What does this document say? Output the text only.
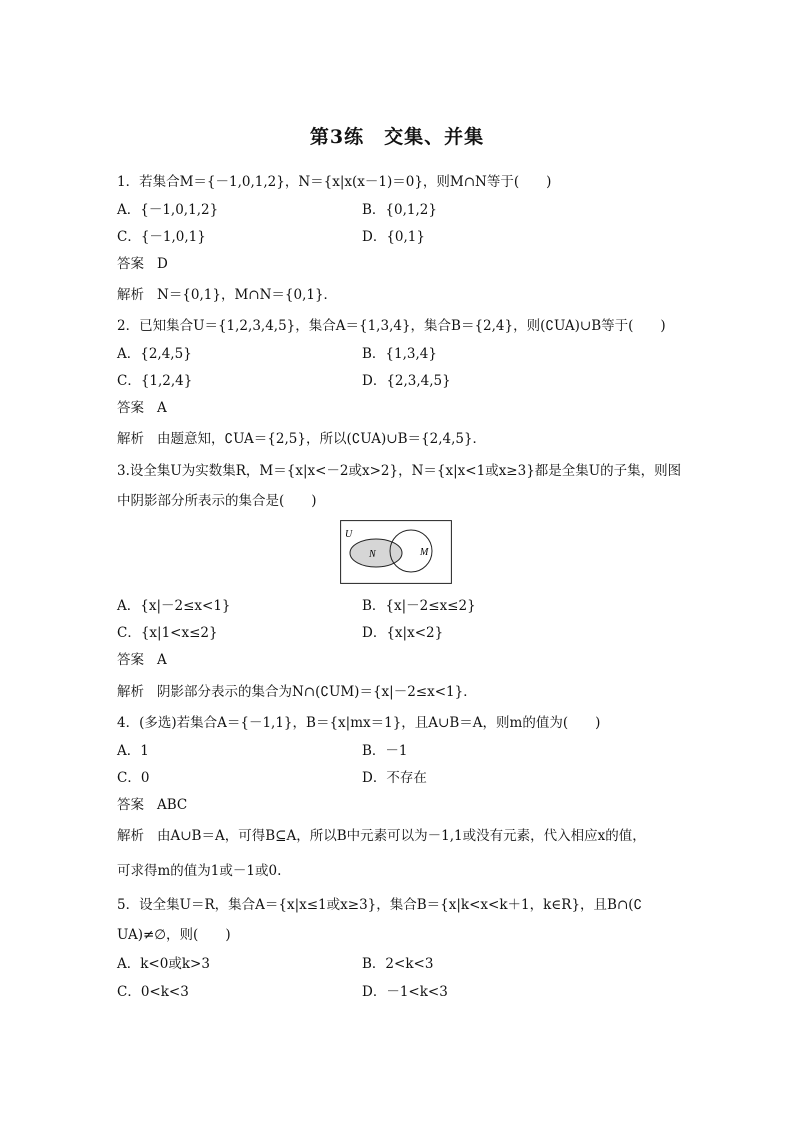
第3练　交集、并集
1．若集合M＝{－1,0,1,2}，N＝{x|x(x－1)＝0}，则M∩N等于(　　)
A．{－1,0,1,2}	B．{0,1,2}
C．{－1,0,1}	D．{0,1}
答案 D
解析 N＝{0,1}，M∩N＝{0,1}．
2．已知集合U＝{1,2,3,4,5}，集合A＝{1,3,4}，集合B＝{2,4}，则(∁UA)∪B等于(　　)
A．{2,4,5}	B．{1,3,4}
C．{1,2,4}	D．{2,3,4,5}
答案 A
解析 由题意知，∁UA＝{2,5}，所以(∁UA)∪B＝{2,4,5}．
3.设全集U为实数集R，M＝{x|x<－2或x>2}，N＝{x|x<1或x≥3}都是全集U的子集，则图
中阴影部分所表示的集合是(　　)
U
N	M
A．{x|－2≤x<1}	B．{x|－2≤x≤2}
C．{x|1<x≤2}	D．{x|x<2}
答案 A
解析 阴影部分表示的集合为N∩(∁UM)＝{x|－2≤x<1}．
4．(多选)若集合A＝{－1,1}，B＝{x|mx＝1}，且A∪B＝A，则m的值为(　　)
A．1	B．－1
C．0	D．不存在
答案 ABC
解析 由A∪B＝A，可得B⊆A，所以B中元素可以为－1,1或没有元素，代入相应x的值，
可求得m的值为1或－1或0.
5．设全集U＝R，集合A＝{x|x≤1或x≥3}，集合B＝{x|k<x<k＋1，k∈R}，且B∩(∁
UA)≠∅，则(　　)
A．k<0或k>3	B．2<k<3
C．0<k<3	D．－1<k<3
